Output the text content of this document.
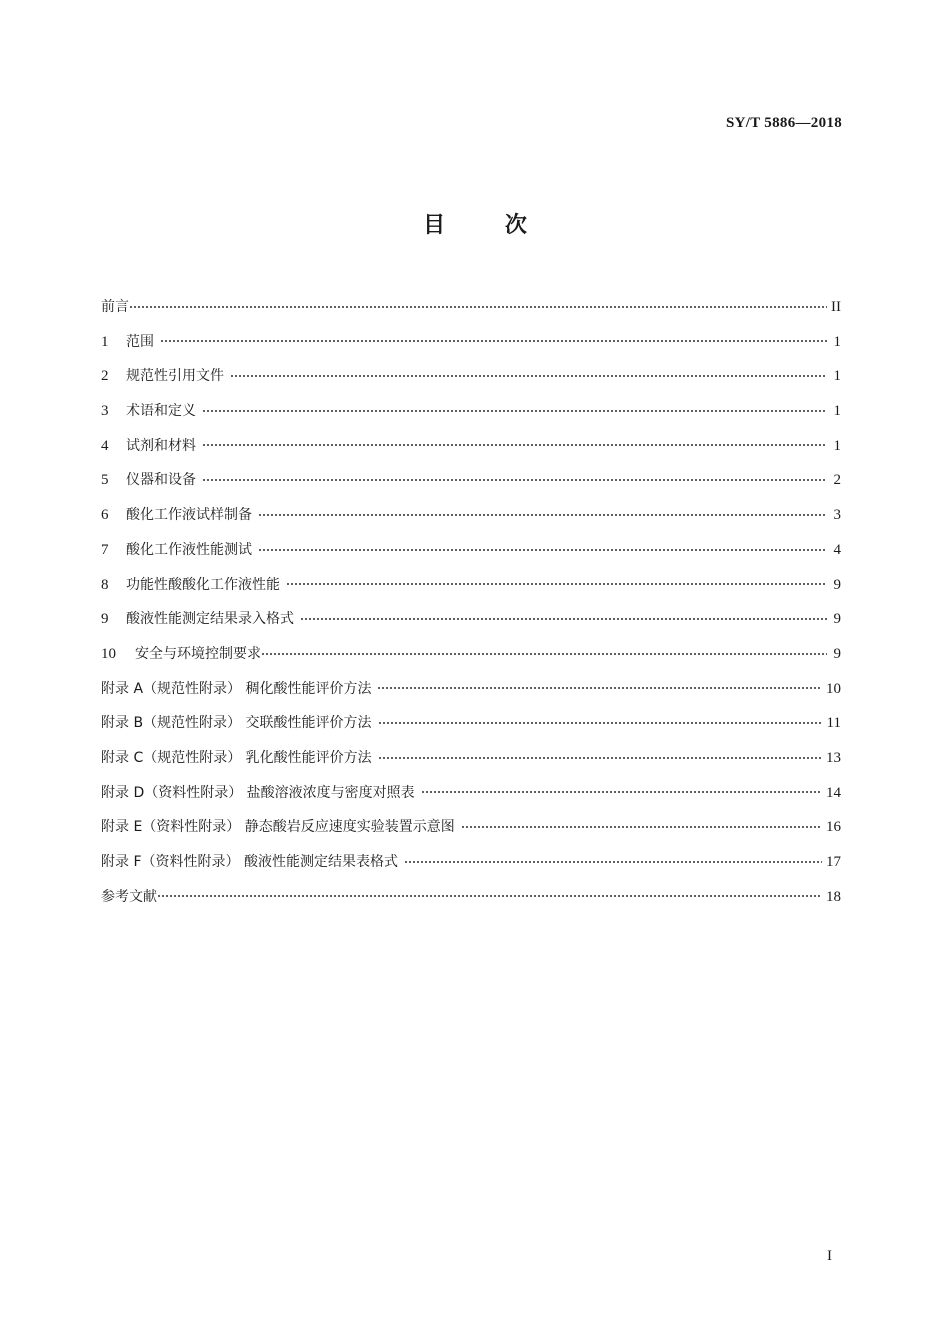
SY/T 5886—2018
目 次
前言	II
1 范围	1
2 规范性引用文件	1
3 术语和定义	1
4 试剂和材料	1
5 仪器和设备	2
6 酸化工作液试样制备	3
7 酸化工作液性能测试	4
8 功能性酸酸化工作液性能	9
9 酸液性能测定结果录入格式	9
10 安全与环境控制要求	9
附录 A（规范性附录） 稠化酸性能评价方法	10
附录 B（规范性附录） 交联酸性能评价方法	11
附录 C（规范性附录） 乳化酸性能评价方法	13
附录 D（资料性附录） 盐酸溶液浓度与密度对照表	14
附录 E（资料性附录） 静态酸岩反应速度实验装置示意图	16
附录 F（资料性附录） 酸液性能测定结果表格式	17
参考文献	18
I
